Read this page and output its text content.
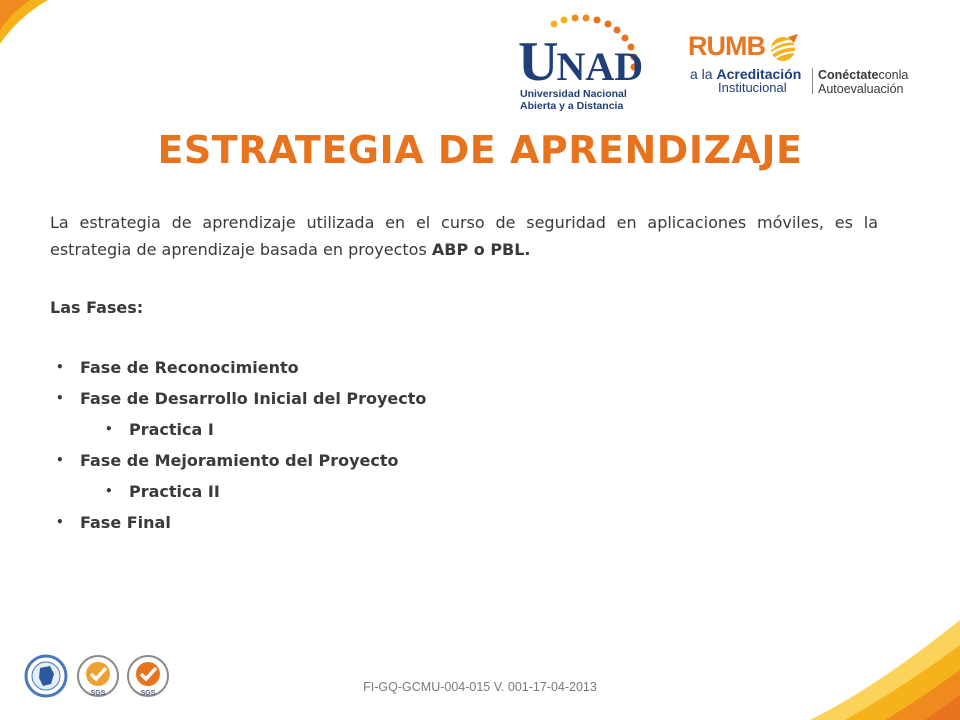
UNAD
Universidad Nacional
Abierta y a Distancia
RUMB
a la Acreditación
Institucional
Conéctateconla
Autoevaluación
ESTRATEGIA DE APRENDIZAJE

La estrategia de aprendizaje utilizada en el curso de seguridad en aplicaciones móviles, es la estrategia de aprendizaje basada en proyectos ABP o PBL.

Las Fases:
• Fase de Reconocimiento
• Fase de Desarrollo Inicial del Proyecto
• Practica I
• Fase de Mejoramiento del Proyecto
• Practica II
• Fase Final
SGS	SGS	FI-GQ-GCMU-004-015 V. 001-17-04-2013
